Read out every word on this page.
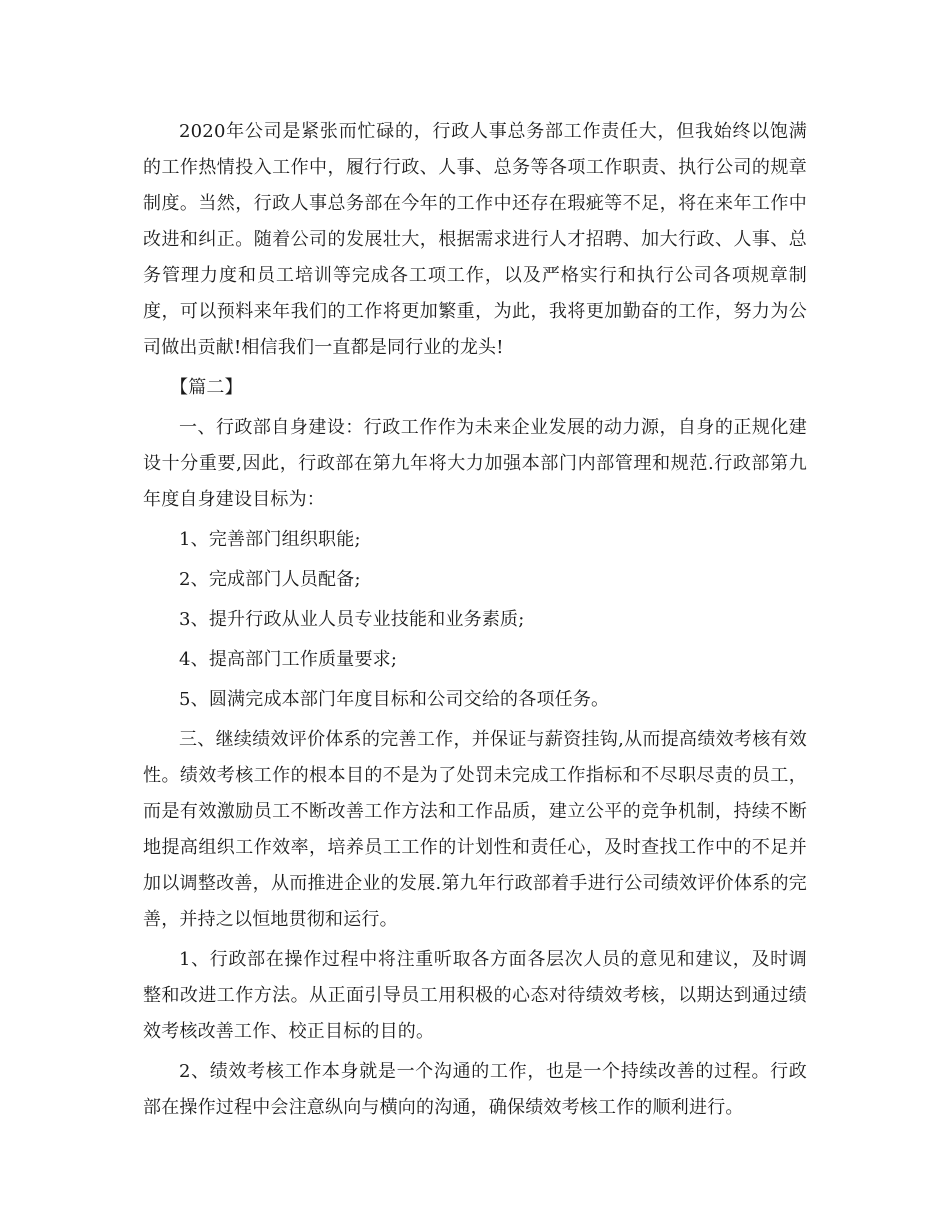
2020年公司是紧张而忙碌的，行政人事总务部工作责任大，但我始终以饱满的工作热情投入工作中，履行行政、人事、总务等各项工作职责、执行公司的规章制度。当然，行政人事总务部在今年的工作中还存在瑕疵等不足，将在来年工作中改进和纠正。随着公司的发展壮大，根据需求进行人才招聘、加大行政、人事、总务管理力度和员工培训等完成各工项工作，以及严格实行和执行公司各项规章制度，可以预料来年我们的工作将更加繁重，为此，我将更加勤奋的工作，努力为公司做出贡献!相信我们一直都是同行业的龙头!

【篇二】

一、行政部自身建设：行政工作作为未来企业发展的动力源，自身的正规化建设十分重要,因此，行政部在第九年将大力加强本部门内部管理和规范.行政部第九年度自身建设目标为：

1、完善部门组织职能;

2、完成部门人员配备;

3、提升行政从业人员专业技能和业务素质;

4、提高部门工作质量要求;

5、圆满完成本部门年度目标和公司交给的各项任务。

三、继续绩效评价体系的完善工作，并保证与薪资挂钩,从而提高绩效考核有效性。绩效考核工作的根本目的不是为了处罚未完成工作指标和不尽职尽责的员工，而是有效激励员工不断改善工作方法和工作品质，建立公平的竞争机制，持续不断地提高组织工作效率，培养员工工作的计划性和责任心，及时查找工作中的不足并加以调整改善，从而推进企业的发展.第九年行政部着手进行公司绩效评价体系的完善，并持之以恒地贯彻和运行。

1、行政部在操作过程中将注重听取各方面各层次人员的意见和建议，及时调整和改进工作方法。从正面引导员工用积极的心态对待绩效考核，以期达到通过绩效考核改善工作、校正目标的目的。

2、绩效考核工作本身就是一个沟通的工作，也是一个持续改善的过程。行政部在操作过程中会注意纵向与横向的沟通，确保绩效考核工作的顺利进行。
